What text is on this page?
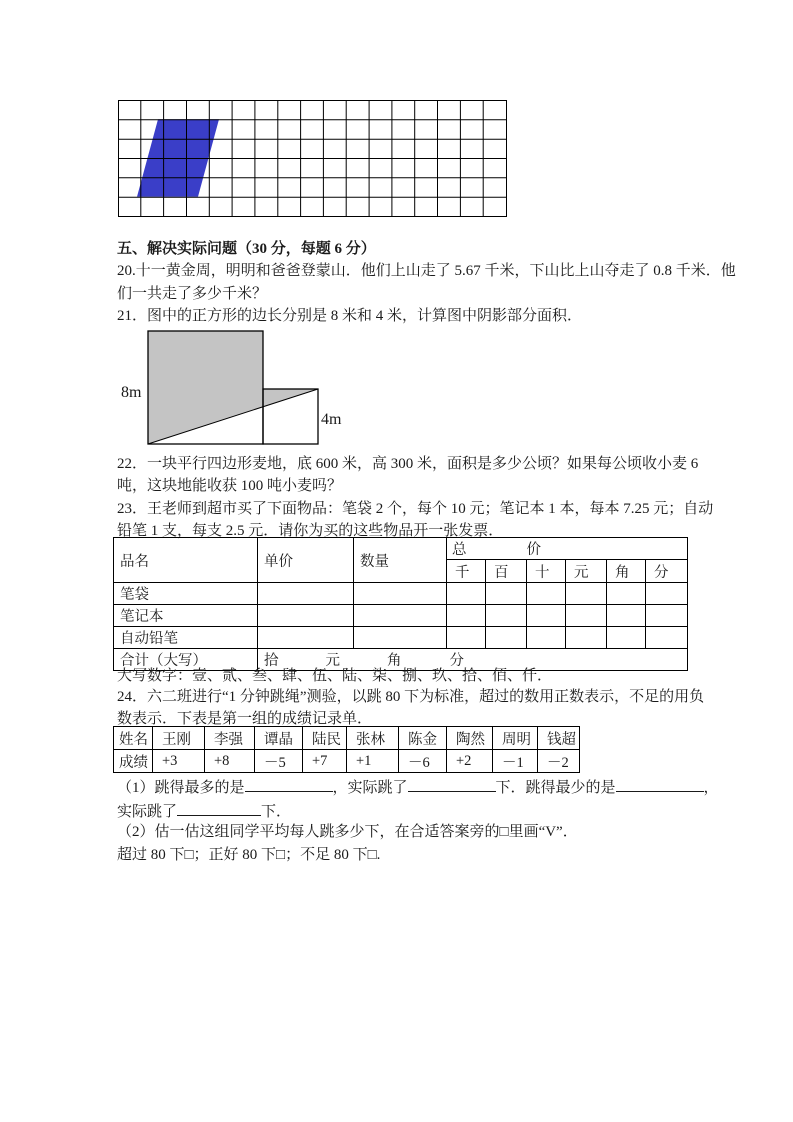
五、解决实际问题（30 分，每题 6 分）
20.十一黄金周，明明和爸爸登蒙山．他们上山走了 5.67 千米，下山比上山夺走了 0.8 千米．他
们一共走了多少千米？
21．图中的正方形的边长分别是 8 米和 4 米，计算图中阴影部分面积．
8m
4m
22．一块平行四边形麦地，底 600 米，高 300 米，面积是多少公顷？如果每公顷收小麦 6
吨，这块地能收获 100 吨小麦吗？
23．王老师到超市买了下面物品：笔袋 2 个，每个 10 元；笔记本 1 本，每本 7.25 元；自动
铅笔 1 支，每支 2.5 元．请你为买的这些物品开一张发票．
品名	单价	数量	总 价					

			千	百	十	元	角	分
笔袋								
笔记本								
自动铅笔								
合计（大写）	拾 元 角 分							
大写数字：壹、贰、叁、肆、伍、陆、柒、捌、玖、拾、佰、仟．
24．六二班进行“1 分钟跳绳”测验，以跳 80 下为标准，超过的数用正数表示，不足的用负
数表示．下表是第一组的成绩记录单．
姓名	王刚	李强	谭晶	陆民	张林	陈金	陶然	周明	钱超
成绩	+3	+8	－5	+7	+1	－6	+2	－1	－2
（1）跳得最多的是	，实际跳了	下．跳得最少的是	，
实际跳了	下．
（2）估一估这组同学平均每人跳多少下，在合适答案旁的□里画“V”．
超过 80 下□；正好 80 下□；不足 80 下□.
